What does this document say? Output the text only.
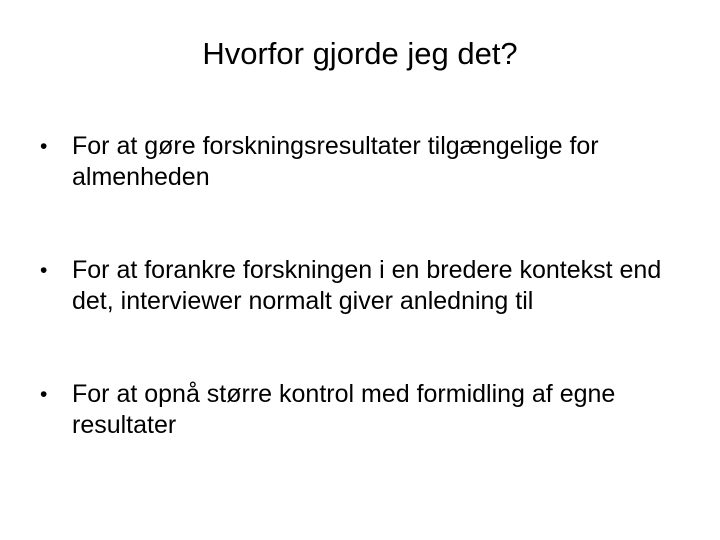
Hvorfor gjorde jeg det?
• For at gøre forskningsresultater tilgængelige for almenheden
• For at forankre forskningen i en bredere kontekst end det, interviewer normalt giver anledning til
• For at opnå større kontrol med formidling af egne resultater
